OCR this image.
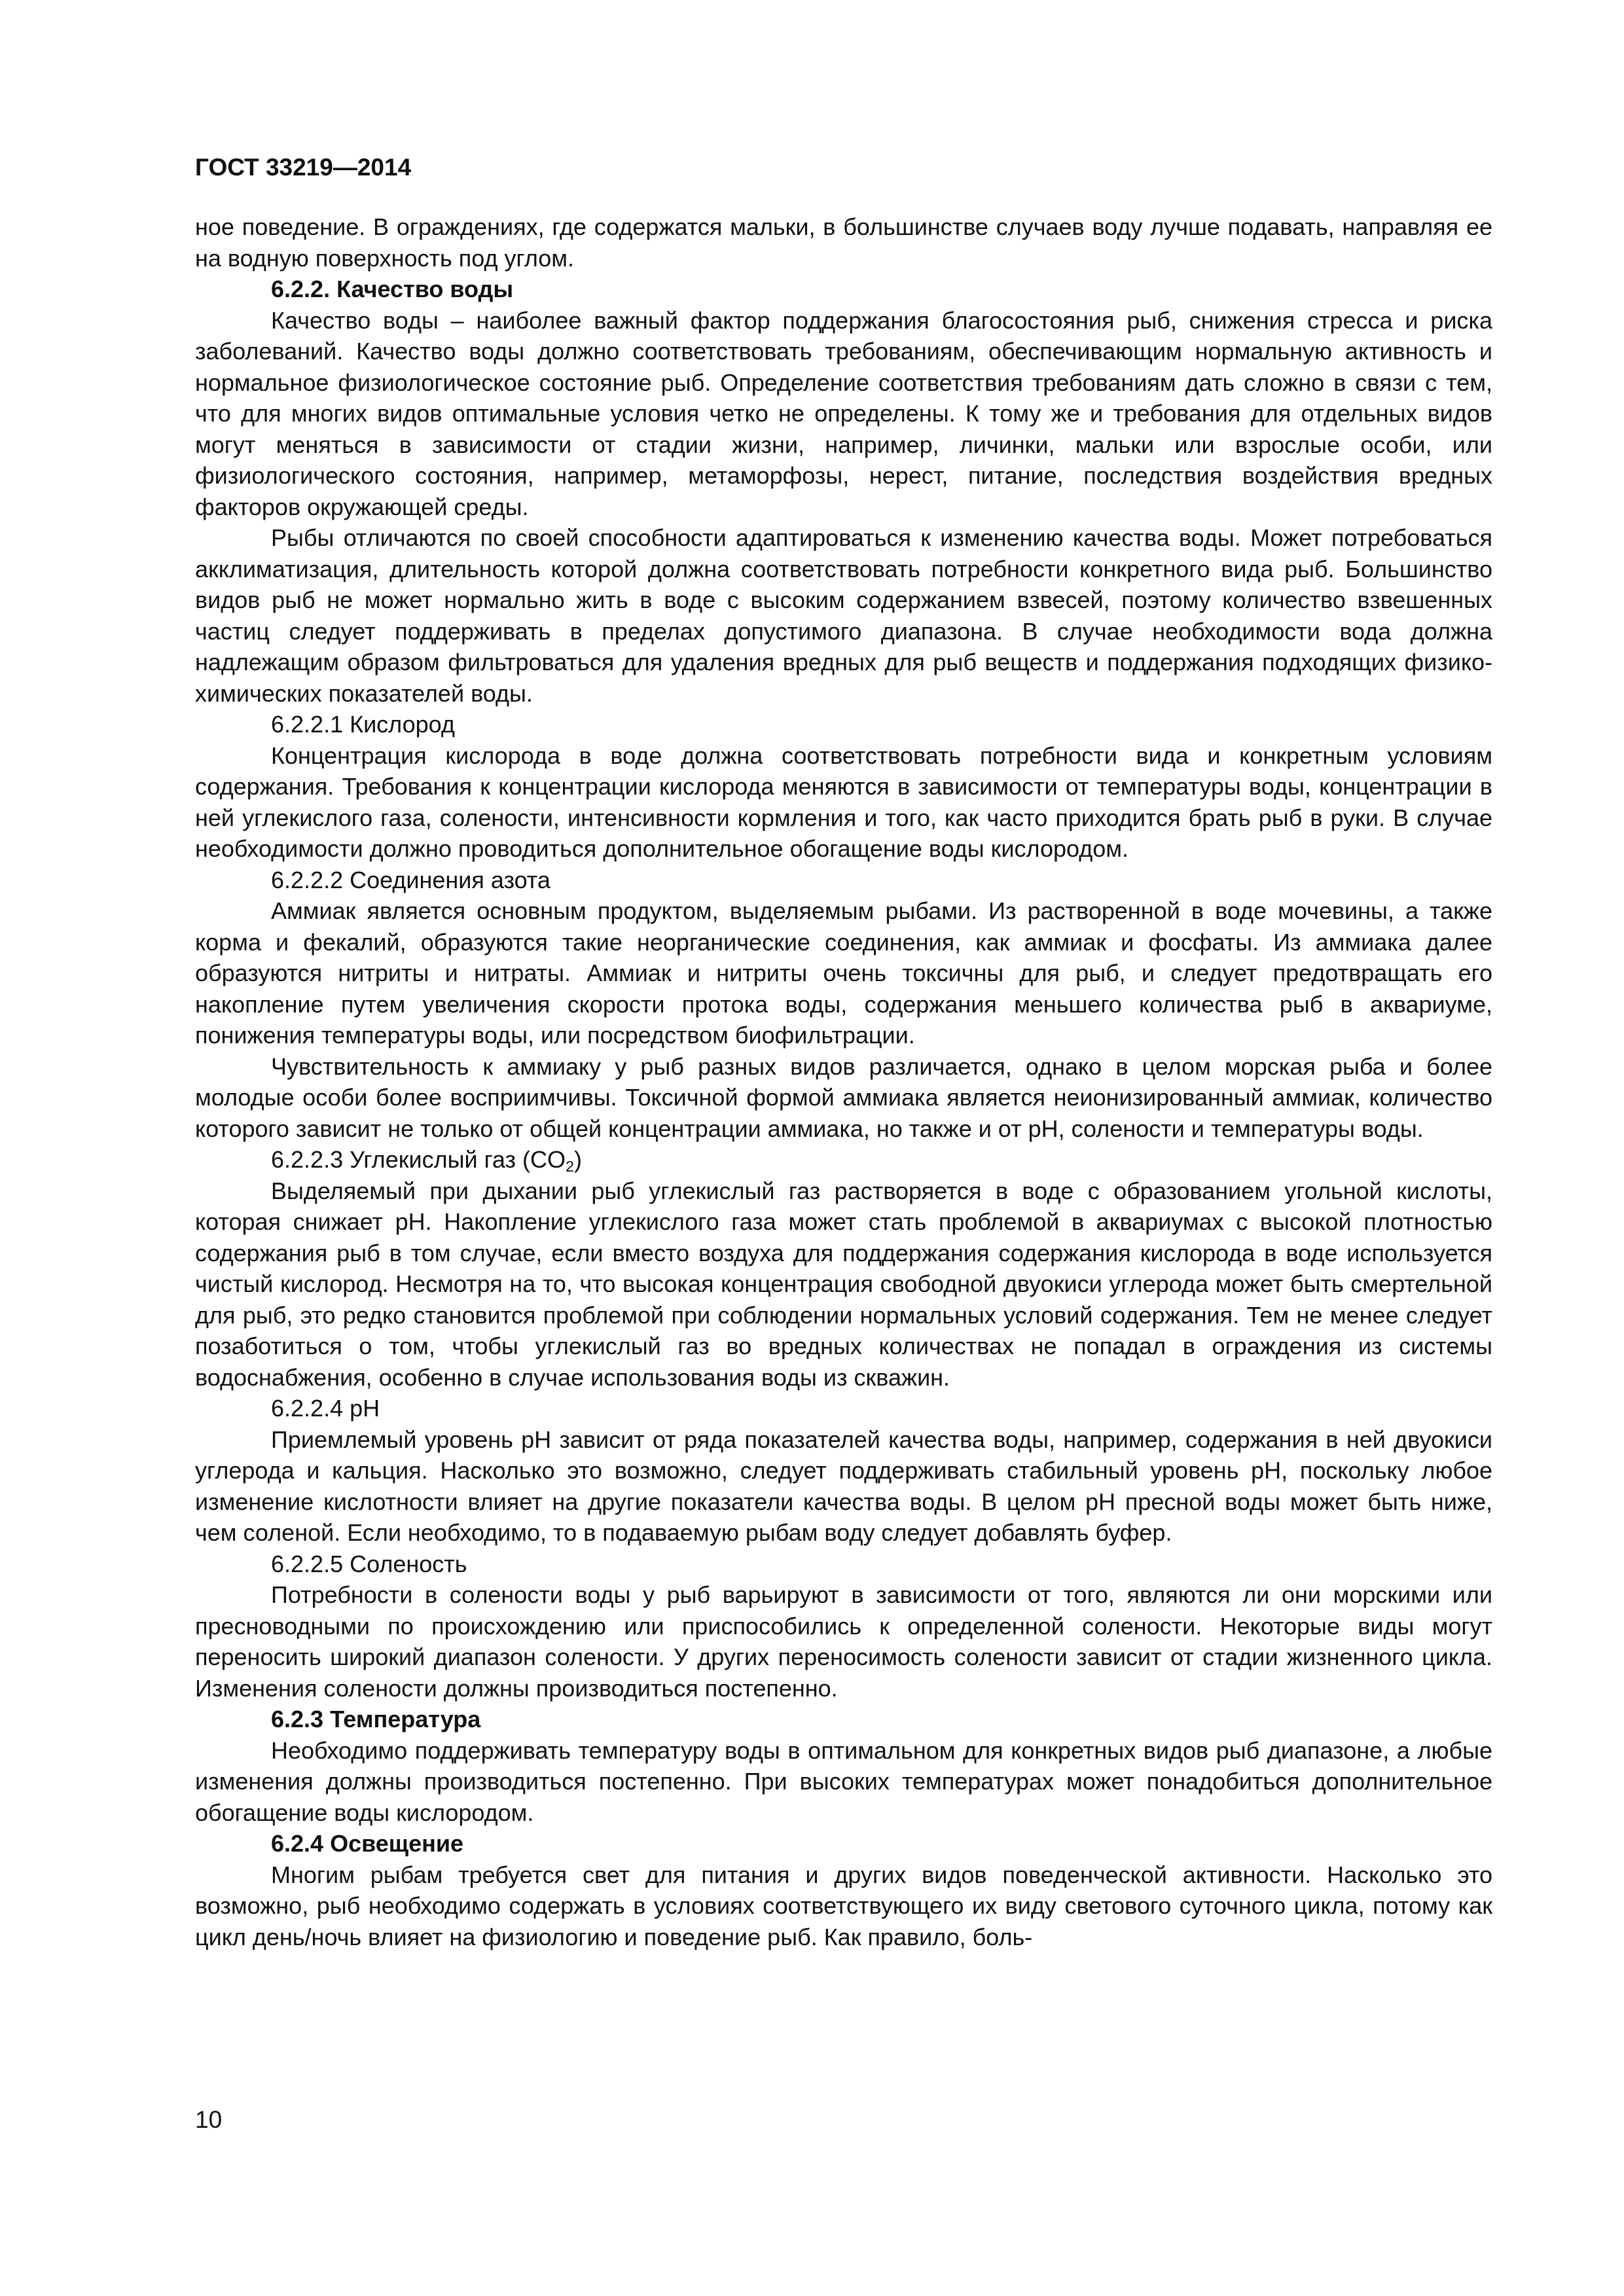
ГОСТ 33219—2014

ное поведение. В ограждениях, где содержатся мальки, в большинстве случаев воду лучше подавать, направляя ее на водную поверхность под углом.

6.2.2. Качество воды

Качество воды – наиболее важный фактор поддержания благосостояния рыб, снижения стресса и риска заболеваний. Качество воды должно соответствовать требованиям, обеспечивающим нормальную активность и нормальное физиологическое состояние рыб. Определение соответствия требованиям дать сложно в связи с тем, что для многих видов оптимальные условия четко не определены. К тому же и требования для отдельных видов могут меняться в зависимости от стадии жизни, например, личинки, мальки или взрослые особи, или физиологического состояния, например, метаморфозы, нерест, питание, последствия воздействия вредных факторов окружающей среды.

Рыбы отличаются по своей способности адаптироваться к изменению качества воды. Может потребоваться акклиматизация, длительность которой должна соответствовать потребности конкретного вида рыб. Большинство видов рыб не может нормально жить в воде с высоким содержанием взвесей, поэтому количество взвешенных частиц следует поддерживать в пределах допустимого диапазона. В случае необходимости вода должна надлежащим образом фильтроваться для удаления вредных для рыб веществ и поддержания подходящих физико-химических показателей воды.

6.2.2.1 Кислород

Концентрация кислорода в воде должна соответствовать потребности вида и конкретным условиям содержания. Требования к концентрации кислорода меняются в зависимости от температуры воды, концентрации в ней углекислого газа, солености, интенсивности кормления и того, как часто приходится брать рыб в руки. В случае необходимости должно проводиться дополнительное обогащение воды кислородом.

6.2.2.2 Соединения азота

Аммиак является основным продуктом, выделяемым рыбами. Из растворенной в воде мочевины, а также корма и фекалий, образуются такие неорганические соединения, как аммиак и фосфаты. Из аммиака далее образуются нитриты и нитраты. Аммиак и нитриты очень токсичны для рыб, и следует предотвращать его накопление путем увеличения скорости протока воды, содержания меньшего количества рыб в аквариуме, понижения температуры воды, или посредством биофильтрации.

Чувствительность к аммиаку у рыб разных видов различается, однако в целом морская рыба и более молодые особи более восприимчивы. Токсичной формой аммиака является неионизированный аммиак, количество которого зависит не только от общей концентрации аммиака, но также и от pH, солености и температуры воды.

6.2.2.3 Углекислый газ $(CO_2)$

Выделяемый при дыхании рыб углекислый газ растворяется в воде с образованием угольной кислоты, которая снижает pH. Накопление углекислого газа может стать проблемой в аквариумах с высокой плотностью содержания рыб в том случае, если вместо воздуха для поддержания содержания кислорода в воде используется чистый кислород. Несмотря на то, что высокая концентрация свободной двуокиси углерода может быть смертельной для рыб, это редко становится проблемой при соблюдении нормальных условий содержания. Тем не менее следует позаботиться о том, чтобы углекислый газ во вредных количествах не попадал в ограждения из системы водоснабжения, особенно в случае использования воды из скважин.

6.2.2.4 pH

Приемлемый уровень pH зависит от ряда показателей качества воды, например, содержания в ней двуокиси углерода и кальция. Насколько это возможно, следует поддерживать стабильный уровень pH, поскольку любое изменение кислотности влияет на другие показатели качества воды. В целом pH пресной воды может быть ниже, чем соленой. Если необходимо, то в подаваемую рыбам воду следует добавлять буфер.

6.2.2.5 Соленость

Потребности в солености воды у рыб варьируют в зависимости от того, являются ли они морскими или пресноводными по происхождению или приспособились к определенной солености. Некоторые виды могут переносить широкий диапазон солености. У других переносимость солености зависит от стадии жизненного цикла. Изменения солености должны производиться постепенно.

6.2.3 Температура

Необходимо поддерживать температуру воды в оптимальном для конкретных видов рыб диапазоне, а любые изменения должны производиться постепенно. При высоких температурах может понадобиться дополнительное обогащение воды кислородом.

6.2.4 Освещение

Многим рыбам требуется свет для питания и других видов поведенческой активности. Насколько это возможно, рыб необходимо содержать в условиях соответствующего их виду светового суточного цикла, потому как цикл день/ночь влияет на физиологию и поведение рыб. Как правило, боль-

10
